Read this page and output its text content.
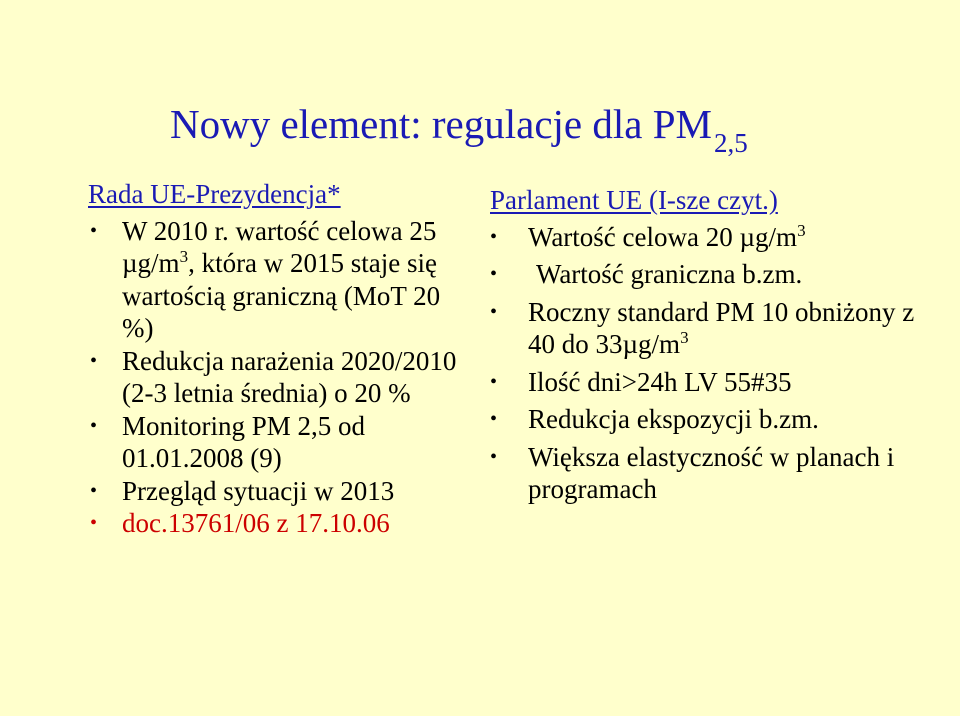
Nowy element: regulacje dla $PM_{2,5}$
Rada UE-Prezydencja*
• W 2010 r. wartość celowa 25 $\mu g/m^3$, która w 2015 staje się wartością graniczną (MoT 20 %)
• Redukcja narażenia 2020/2010 (2-3 letnia średnia) o 20 %
• Monitoring PM 2,5 od 01.01.2008 (9)
• Przegląd sytuacji w 2013
• doc.13761/06 z 17.10.06
Parlament UE (I-sze czyt.)
• Wartość celowa 20 $\mu g/m^3$
• Wartość graniczna b.zm.
• Roczny standard PM 10 obniżony z 40 do $33\mu g/m^3$
• Ilość dni>24h LV 55#35
• Redukcja ekspozycji b.zm.
• Większa elastyczność w planach i programach
